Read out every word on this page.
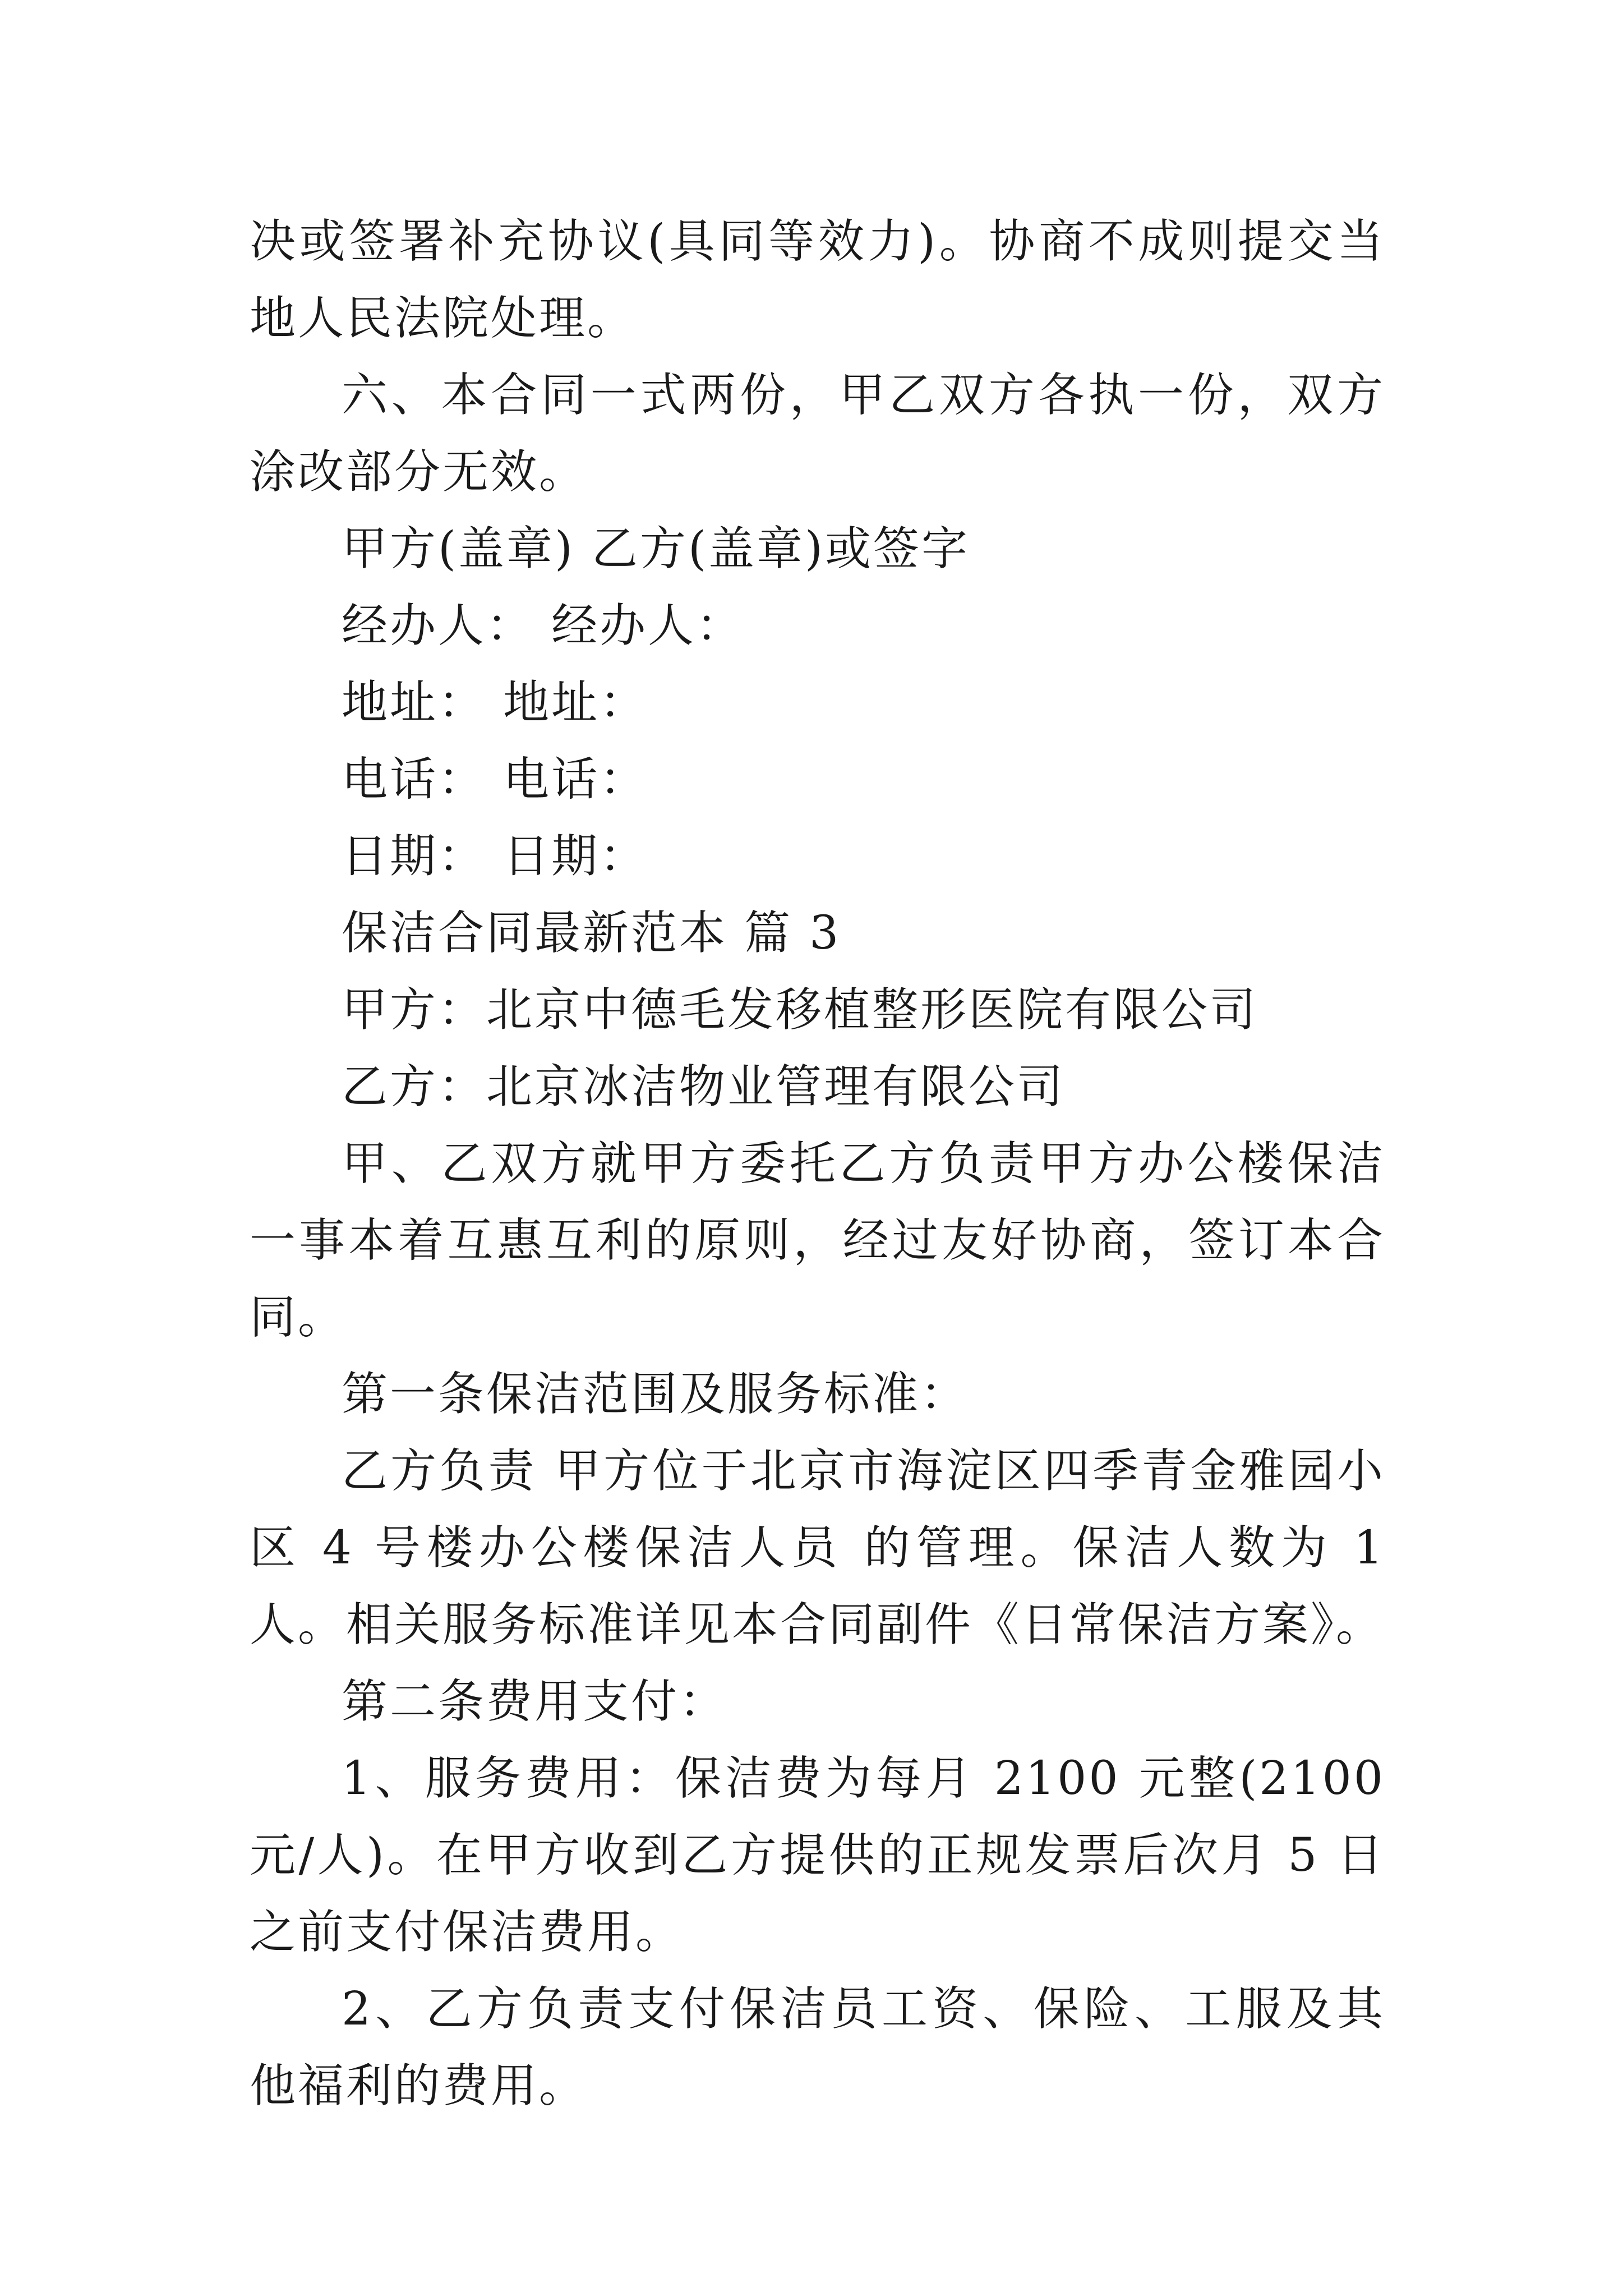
决或签署补充协议(具同等效力)。协商不成则提交当地人民法院处理。

六、本合同一式两份，甲乙双方各执一份，双方涂改部分无效。

甲方(盖章) 乙方(盖章)或签字

经办人： 经办人：

地址： 地址：

电话： 电话：

日期： 日期：

保洁合同最新范本 篇 3

甲方：北京中德毛发移植整形医院有限公司

乙方：北京冰洁物业管理有限公司

甲、乙双方就甲方委托乙方负责甲方办公楼保洁一事本着互惠互利的原则，经过友好协商，签订本合同。

第一条保洁范围及服务标准：

乙方负责 甲方位于北京市海淀区四季青金雅园小区 4 号楼办公楼保洁人员 的管理。保洁人数为 1 人。相关服务标准详见本合同副件《日常保洁方案》。

第二条费用支付：

1、服务费用：保洁费为每月 2100 元整(2100 元/人)。在甲方收到乙方提供的正规发票后次月 5 日之前支付保洁费用。

2、乙方负责支付保洁员工资、保险、工服及其他福利的费用。
